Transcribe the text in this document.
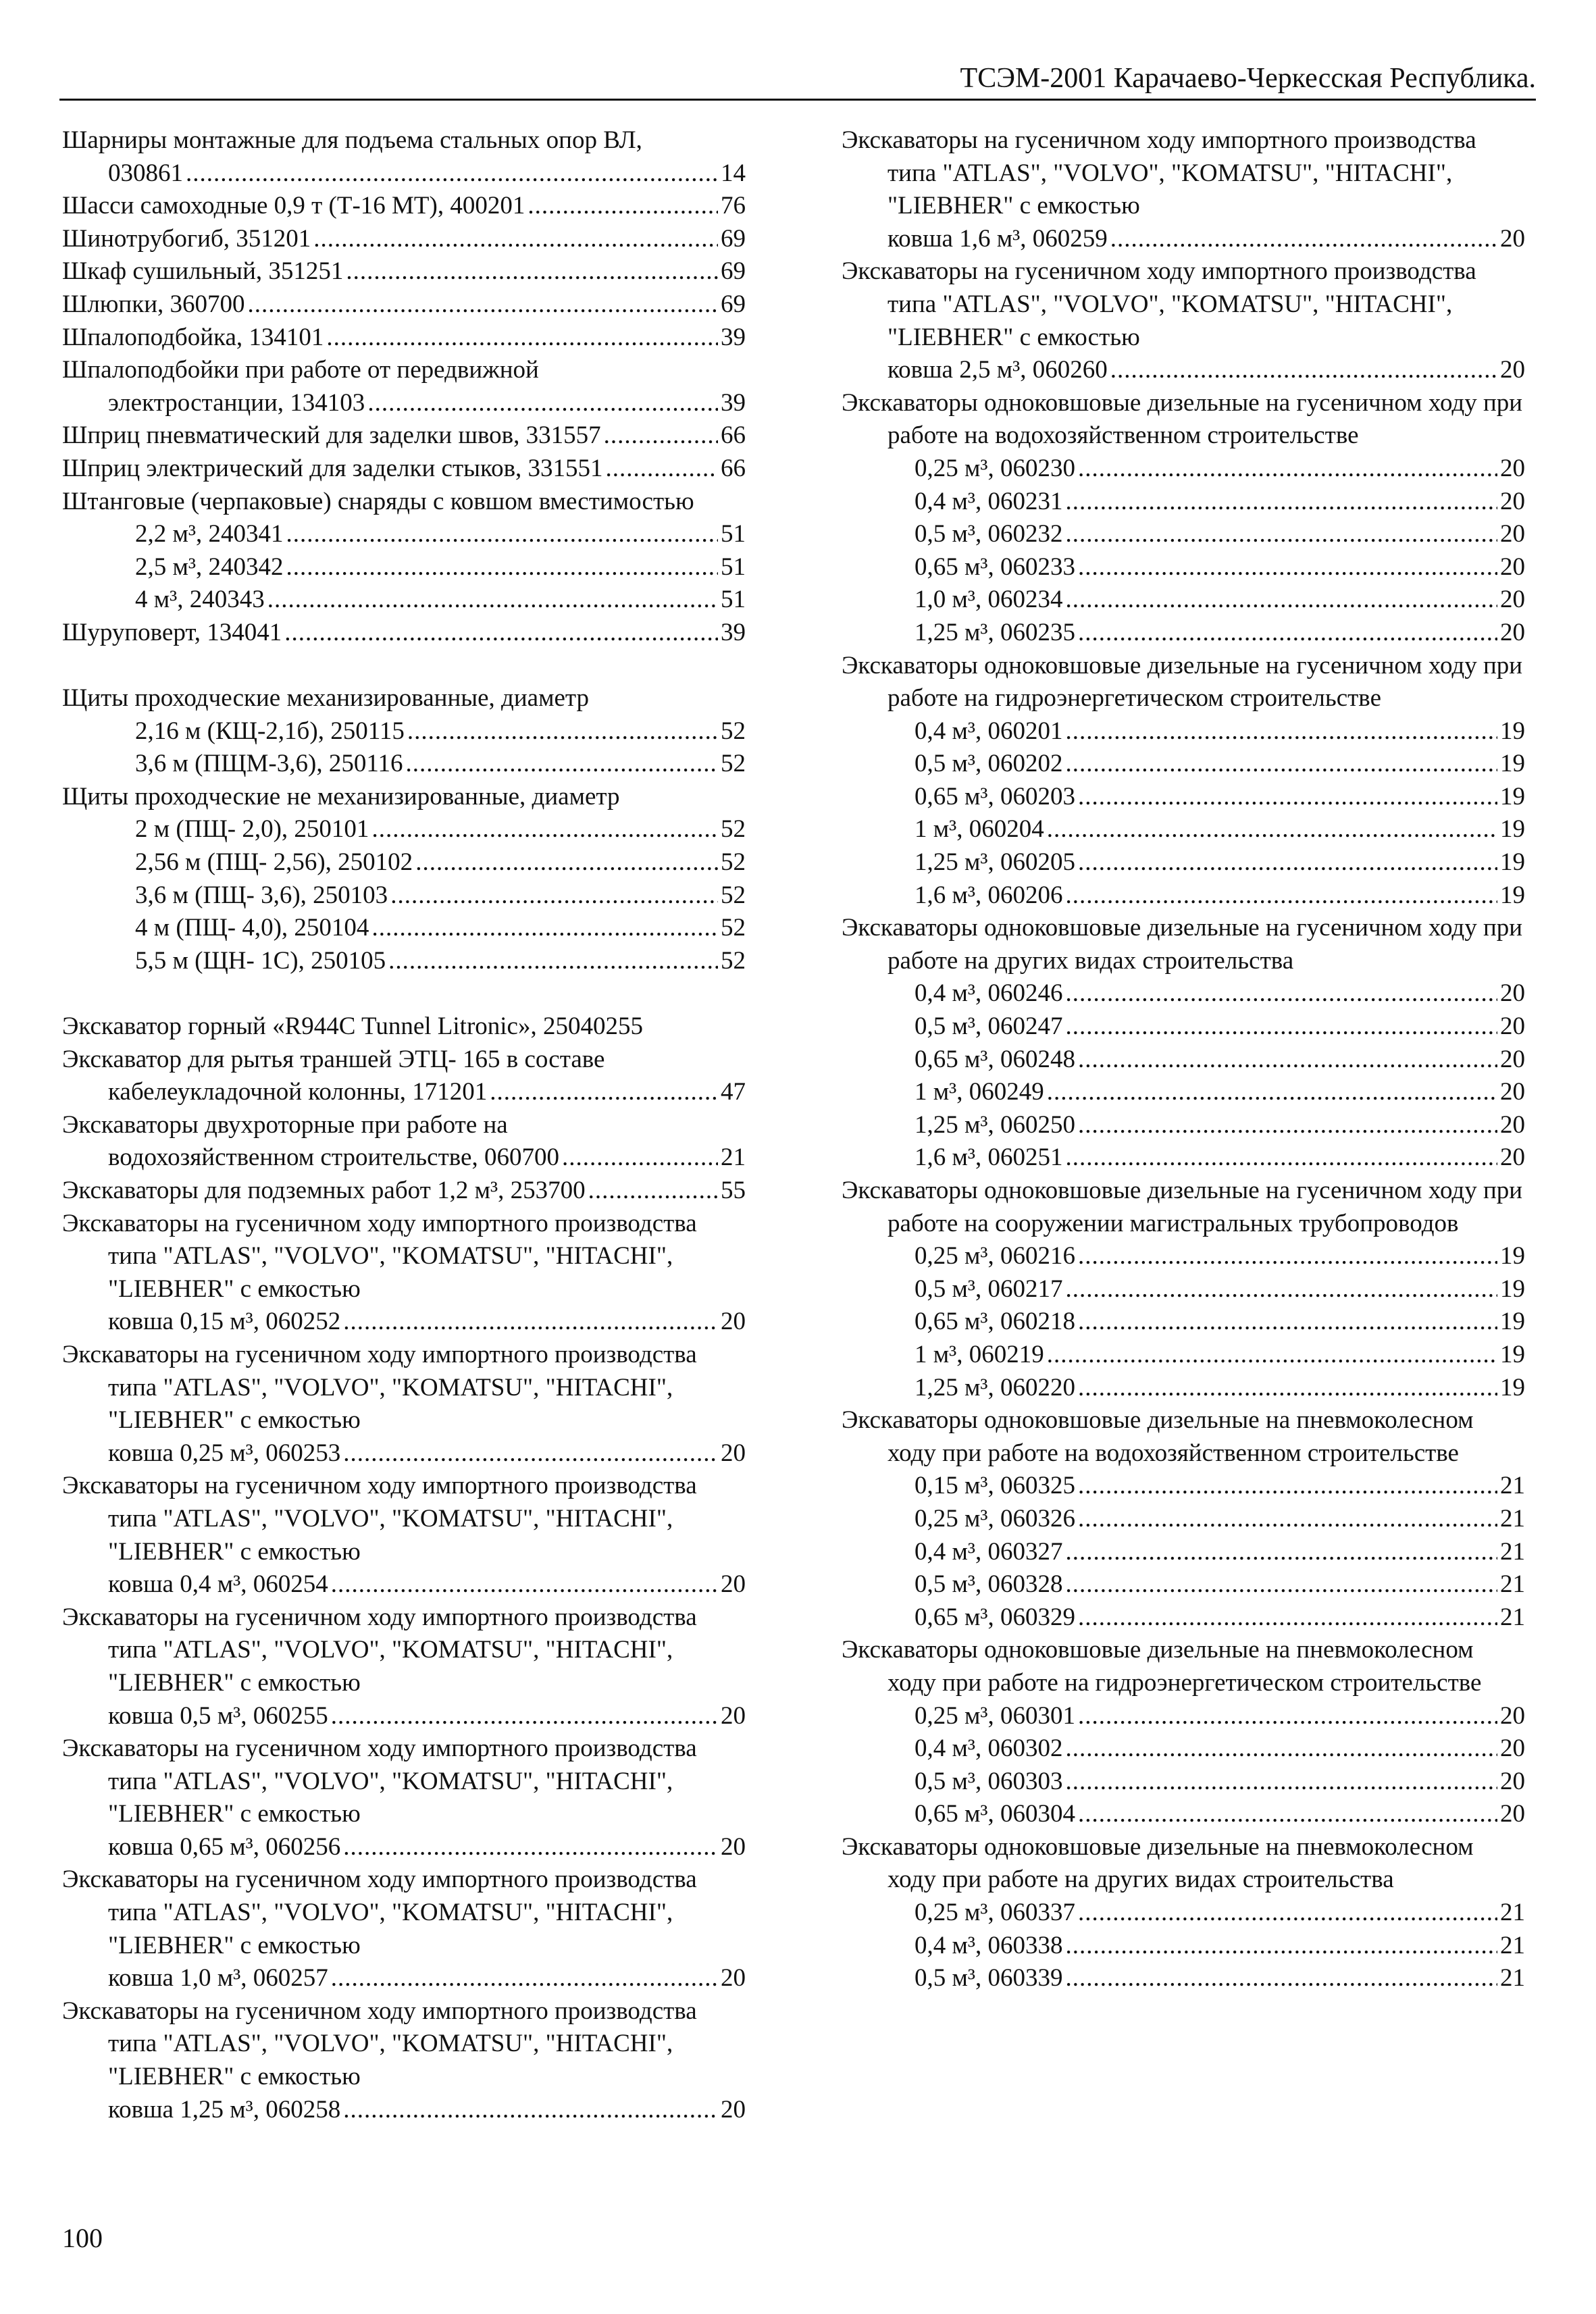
ТСЭМ-2001 Карачаево-Черкесская Республика.
Шарниры монтажные для подъема стальных опор ВЛ,
030861 .....	14
Шасси самоходные 0,9 т (Т-16 МТ), 400201 .....	76
Шинотрубогиб, 351201 .....	69
Шкаф сушильный, 351251 .....	69
Шлюпки, 360700 .....	69
Шпалоподбойка, 134101 .....	39
Шпалоподбойки при работе от передвижной
электростанции, 134103 .....	39
Шприц пневматический для заделки швов, 331557 .....	66
Шприц электрический для заделки стыков, 331551 .....	66
Штанговые (черпаковые) снаряды с ковшом вместимостью
2,2 м³, 240341 .....	51
2,5 м³, 240342 .....	51
4 м³, 240343 .....	51
Шуруповерт, 134041 .....	39
Щиты проходческие механизированные, диаметр
2,16 м (КЩ-2,1б), 250115 .....	52
3,6 м (ПЩМ-3,6), 250116 .....	52
Щиты проходческие не механизированные, диаметр
2 м (ПЩ- 2,0), 250101 .....	52
2,56 м (ПЩ- 2,56), 250102 .....	52
3,6 м (ПЩ- 3,6), 250103 .....	52
4 м (ПЩ- 4,0), 250104 .....	52
5,5 м (ЩН- 1С), 250105 .....	52
Экскаватор горный «R944C Tunnel Litronic», 25040255
Экскаватор для рытья траншей ЭТЦ- 165 в составе
кабелеукладочной колонны, 171201 .....	47
Экскаваторы двухроторные при работе на
водохозяйственном строительстве, 060700 .....	21
Экскаваторы для подземных работ 1,2 м³, 253700 .....	55
Экскаваторы на гусеничном ходу импортного производства типа "ATLAS", "VOLVO", "KOMATSU", "HITACHI", "LIEBHER" с емкостью
ковша 0,15 м³, 060252 .....	20
Экскаваторы на гусеничном ходу импортного производства типа "ATLAS", "VOLVO", "KOMATSU", "HITACHI", "LIEBHER" с емкостью
ковша 0,25 м³, 060253 .....	20
Экскаваторы на гусеничном ходу импортного производства типа "ATLAS", "VOLVO", "KOMATSU", "HITACHI", "LIEBHER" с емкостью
ковша 0,4 м³, 060254 .....	20
Экскаваторы на гусеничном ходу импортного производства типа "ATLAS", "VOLVO", "KOMATSU", "HITACHI", "LIEBHER" с емкостью
ковша 0,5 м³, 060255 .....	20
Экскаваторы на гусеничном ходу импортного производства типа "ATLAS", "VOLVO", "KOMATSU", "HITACHI", "LIEBHER" с емкостью
ковша 0,65 м³, 060256 .....	20
Экскаваторы на гусеничном ходу импортного производства типа "ATLAS", "VOLVO", "KOMATSU", "HITACHI", "LIEBHER" с емкостью
ковша 1,0 м³, 060257 .....	20
Экскаваторы на гусеничном ходу импортного производства типа "ATLAS", "VOLVO", "KOMATSU", "HITACHI", "LIEBHER" с емкостью
ковша 1,25 м³, 060258 .....	20
Экскаваторы на гусеничном ходу импортного производства типа "ATLAS", "VOLVO", "KOMATSU", "HITACHI", "LIEBHER" с емкостью
ковша 1,6 м³, 060259 .....	20
Экскаваторы на гусеничном ходу импортного производства типа "ATLAS", "VOLVO", "KOMATSU", "HITACHI", "LIEBHER" с емкостью
ковша 2,5 м³, 060260 .....	20
Экскаваторы одноковшовые дизельные на гусеничном ходу при работе на водохозяйственном строительстве
0,25 м³, 060230 .....	20
0,4 м³, 060231 .....	20
0,5 м³, 060232 .....	20
0,65 м³, 060233 .....	20
1,0 м³, 060234 .....	20
1,25 м³, 060235 .....	20
Экскаваторы одноковшовые дизельные на гусеничном ходу при работе на гидроэнергетическом строительстве
0,4 м³, 060201 .....	19
0,5 м³, 060202 .....	19
0,65 м³, 060203 .....	19
1 м³, 060204 .....	19
1,25 м³, 060205 .....	19
1,6 м³, 060206 .....	19
Экскаваторы одноковшовые дизельные на гусеничном ходу при работе на других видах строительства
0,4 м³, 060246 .....	20
0,5 м³, 060247 .....	20
0,65 м³, 060248 .....	20
1 м³, 060249 .....	20
1,25 м³, 060250 .....	20
1,6 м³, 060251 .....	20
Экскаваторы одноковшовые дизельные на гусеничном ходу при работе на сооружении магистральных трубопроводов
0,25 м³, 060216 .....	19
0,5 м³, 060217 .....	19
0,65 м³, 060218 .....	19
1 м³, 060219 .....	19
1,25 м³, 060220 .....	19
Экскаваторы одноковшовые дизельные на пневмоколесном ходу при работе на водохозяйственном строительстве
0,15 м³, 060325 .....	21
0,25 м³, 060326 .....	21
0,4 м³, 060327 .....	21
0,5 м³, 060328 .....	21
0,65 м³, 060329 .....	21
Экскаваторы одноковшовые дизельные на пневмоколесном ходу при работе на гидроэнергетическом строительстве
0,25 м³, 060301 .....	20
0,4 м³, 060302 .....	20
0,5 м³, 060303 .....	20
0,65 м³, 060304 .....	20
Экскаваторы одноковшовые дизельные на пневмоколесном ходу при работе на других видах строительства
0,25 м³, 060337 .....	21
0,4 м³, 060338 .....	21
0,5 м³, 060339 .....	21
100
